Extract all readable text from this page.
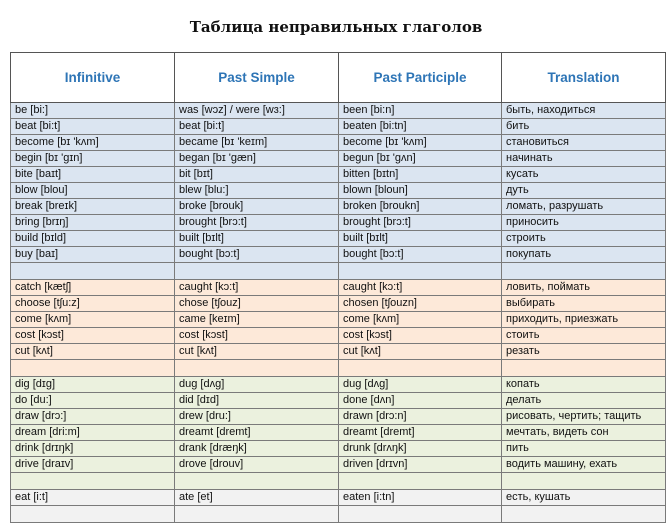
Таблица неправильных глаголов
Infinitive	Past Simple	Past Participle	Translation
be [bi:]	was [wɔz] / were [wɜ:]	been [bi:n]	быть, находиться
beat [bi:t]	beat [bi:t]	beaten [bi:tn]	бить
become [bɪ 'kʌm]	became [bɪ 'keɪm]	become [bɪ 'kʌm]	становиться
begin [bɪ 'gɪn]	began [bɪ 'gæn]	begun [bɪ 'gʌn]	начинать
bite [baɪt]	bit [bɪt]	bitten [bɪtn]	кусать
blow [blou]	blew [blu:]	blown [bloun]	дуть
break [breɪk]	broke [brouk]	broken [broukn]	ломать, разрушать
bring [brɪŋ]	brought [brɔ:t]	brought [brɔ:t]	приносить
build [bɪld]	built [bɪlt]	built [bɪlt]	строить
buy [baɪ]	bought [bɔ:t]	bought [bɔ:t]	покупать

catch [kætʃ]	caught [kɔ:t]	caught [kɔ:t]	ловить, поймать
choose [tʃu:z]	chose [tʃouz]	chosen [tʃouzn]	выбирать
come [kʌm]	came [keɪm]	come [kʌm]	приходить, приезжать
cost [kɔst]	cost [kɔst]	cost [kɔst]	стоить
cut [kʌt]	cut [kʌt]	cut [kʌt]	резать

dig [dɪg]	dug [dʌg]	dug [dʌg]	копать
do [du:]	did [dɪd]	done [dʌn]	делать
draw [drɔ:]	drew [dru:]	drawn [drɔ:n]	рисовать, чертить; тащить
dream [dri:m]	dreamt [dremt]	dreamt [dremt]	мечтать, видеть сон
drink [drɪŋk]	drank [dræŋk]	drunk [drʌŋk]	пить
drive [draɪv]	drove [drouv]	driven [drɪvn]	водить машину, ехать

eat [i:t]	ate [et]	eaten [i:tn]	есть, кушать
